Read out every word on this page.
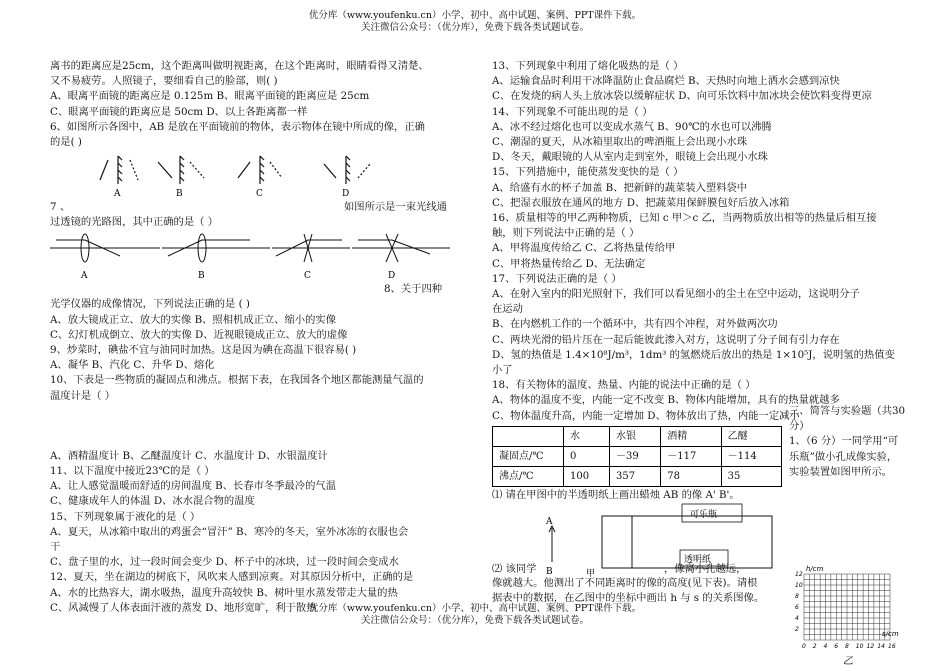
优分库（www.youfenku.cn）小学、初中、高中试题、案例、PPT课件下载。
关注微信公众号：（优分库），免费下载各类试题试卷。

离书的距离应是25cm，这个距离叫做明视距离，在这个距离时，眼睛看得又清楚、

又不易疲劳。人照镜子，要细看自己的脸部，则( )

A、眼离平面镜的距离应是 0.125m B、眼离平面镜的距离应是 25cm

C、眼离平面镜的距离应是 50cm D、以上各距离都一样

6、如图所示各图中，AB 是放在平面镜前的物体，表示物体在镜中所成的像，正确

的是( )

A	B	C	D
7 、	如图所示是一束光线通

过透镜的光路图，其中正确的是（ ）

A	B	C	D
8、关于四种

光学仪器的成像情况，下列说法正确的是 ( )

A、放大镜成正立、放大的实像 B、照相机成正立、缩小的实像

C、幻灯机成倒立、放大的实像 D、近视眼镜成正立、放大的虚像

9、炒菜时，碘盐不宜与油同时加热。这是因为碘在高温下很容易( )

A、凝华 B、汽化 C、升华 D、熔化

10、下表是一些物质的凝固点和沸点。根据下表，在我国各个地区都能测量气温的

温度计是（ ）

A、酒精温度计 B、乙醚温度计 C、水温度计 D、水银温度计

11、以下温度中接近23℃的是（ ）

A、让人感觉温暖而舒适的房间温度 B、长春市冬季最冷的气温

C、健康成年人的体温 D、冰水混合物的温度

15、下列现象属于液化的是（ ）

A、夏天，从冰箱中取出的鸡蛋会“冒汗” B、寒冷的冬天，室外冰冻的衣服也会

干

C、盘子里的水，过一段时间会变少 D、杯子中的冰块，过一段时间会变成水

12、夏天，坐在湖边的树底下，风吹来人感到凉爽。对其原因分析中，正确的是

A、水的比热容大，湖水吸热，温度升高较快 B、树叶里水蒸发带走大量的热

C、风减慢了人体表面汗液的蒸发 D、地形宽旷，利于散热

13、下列现象中利用了熔化吸热的是（ ）

A、运输食品时利用干冰降温防止食品腐烂 B、天热时向地上洒水会感到凉快

C、在发烧的病人头上放冰袋以缓解症状 D、向可乐饮料中加冰块会使饮料变得更凉

14、下列现象不可能出现的是（ ）

A、冰不经过熔化也可以变成水蒸气 B、90℃的水也可以沸腾

C、潮湿的夏天，从冰箱里取出的啤酒瓶上会出现小水珠

D、冬天，戴眼镜的人从室内走到室外，眼镜上会出现小水珠

15、下列措施中，能使蒸发变快的是（ ）

A、给盛有水的杯子加盖 B、把新鲜的蔬菜装入塑料袋中

C、把湿衣服放在通风的地方 D、把蔬菜用保鲜膜包好后放入冰箱

16、质量相等的甲乙两种物质，已知 c 甲＞c 乙，当两物质放出相等的热量后相互接

触，则下列说法中正确的是（ ）

A、甲将温度传给乙 C、乙将热量传给甲

C、甲将热量传给乙 D、无法确定

17、下列说法正确的是（ ）

A、在射入室内的阳光照射下，我们可以看见细小的尘土在空中运动，这说明分子

在运动

B、在内燃机工作的一个循环中，共有四个冲程，对外做两次功

C、两块光滑的铅片压在一起后能彼此渗入对方，这说明了分子间有引力存在

D、氢的热值是 1.4×10⁸J/m³，1dm³ 的氢燃烧后放出的热是 1×10⁵J，说明氢的热值变

小了

18、有关物体的温度、热量、内能的说法中正确的是（ ）

A、物体的温度不变，内能一定不改变 B、物体内能增加，具有的热量就越多

C、物体温度升高，内能一定增加 D、物体放出了热，内能一定减小

	水	水银	酒精	乙醚
凝固点/℃	0	－39	－117	－114
沸点/℃	100	357	78	35

三、简答与实验题（共30分）

1、（6 分）一同学用“可乐瓶”做小孔成像实验，实验装置如图甲所示。

⑴ 请在甲图中的半透明纸上画出蜡烛 AB 的像 A' B'。
A
B
可乐瓶
透明纸
甲
⑵ 该同学	，像离小孔越远，
像就越大。他测出了不同距离时的像的高度(见下表)。请根
据表中的数据，在乙图中的坐标中画出 h 与 s 的关系图像。
0 2 4 6 8 10 12 14 16
2
4
6
8
10
12
h/cm
s/cm
乙
优分库（www.youfenku.cn）小学、初中、高中试题、案例、PPT课件下载。
关注微信公众号：（优分库），免费下载各类试题试卷。
